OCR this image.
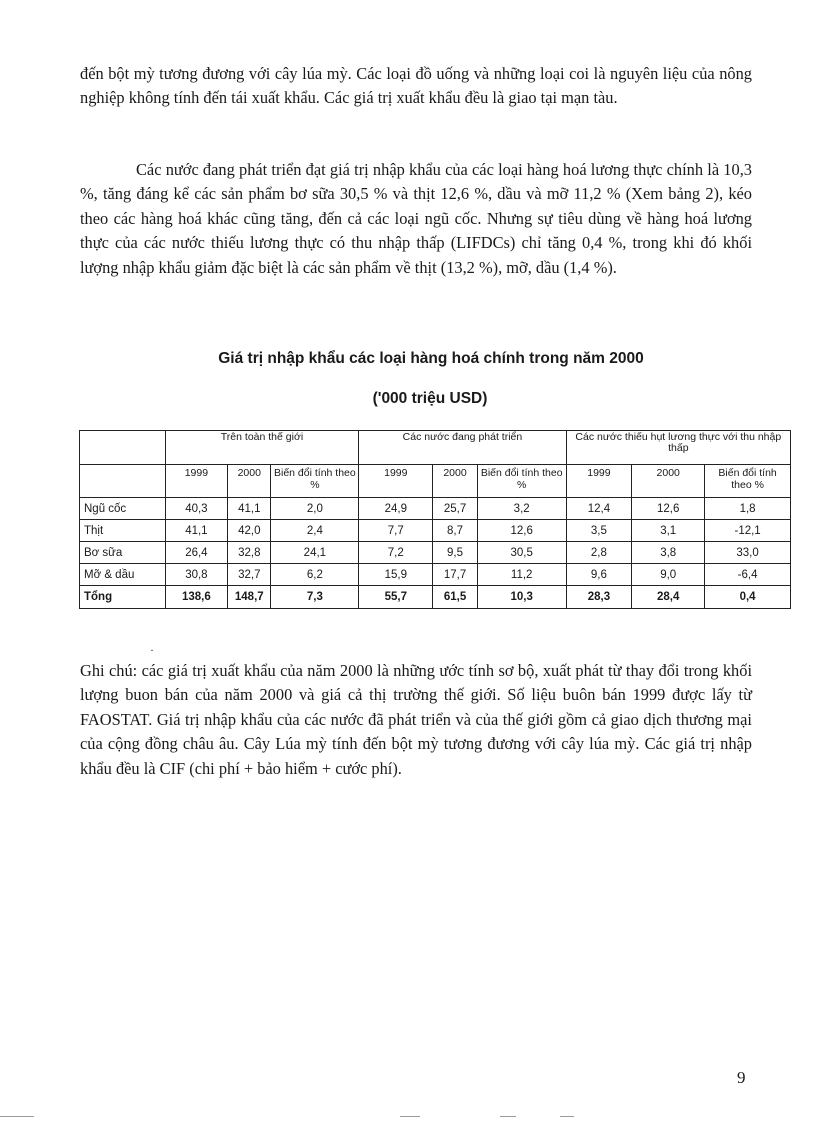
đến bột mỳ tương đương với cây lúa mỳ. Các loại đồ uống và những loại coi là nguyên liệu của nông nghiệp không tính đến tái xuất khẩu. Các giá trị xuất khẩu đều là giao tại mạn tàu.

Các nước đang phát triển đạt giá trị nhập khẩu của các loại hàng hoá lương thực chính là 10,3 %, tăng đáng kể các sản phẩm bơ sữa 30,5 % và thịt 12,6 %, dầu và mỡ 11,2 % (Xem bảng 2), kéo theo các hàng hoá khác cũng tăng, đến cả các loại ngũ cốc. Nhưng sự tiêu dùng về hàng hoá lương thực của các nước thiếu lương thực có thu nhập thấp (LIFDCs) chỉ tăng 0,4 %, trong khi đó khối lượng nhập khẩu giảm đặc biệt là các sản phẩm về thịt (13,2 %), mỡ, dầu (1,4 %).

Giá trị nhập khẩu các loại hàng hoá chính trong năm 2000
('000 triệu USD)
	Trên toàn thế giới			Các nước đang phát triển			Các nước thiếu hụt lương thực với thu nhập thấp		
	1999	2000	Biến đổi tính theo %	1999	2000	Biến đổi tính theo %	1999	2000	Biến đổi tính theo %
Ngũ cốc	40,3	41,1	2,0	24,9	25,7	3,2	12,4	12,6	1,8
Thịt	41,1	42,0	2,4	7,7	8,7	12,6	3,5	3,1	-12,1
Bơ sữa	26,4	32,8	24,1	7,2	9,5	30,5	2,8	3,8	33,0
Mỡ & dầu	30,8	32,7	6,2	15,9	17,7	11,2	9,6	9,0	-6,4
Tổng	138,6	148,7	7,3	55,7	61,5	10,3	28,3	28,4	0,4
·

Ghi chú: các giá trị xuất khẩu của năm 2000 là những ước tính sơ bộ, xuất phát từ thay đổi trong khối lượng buon bán của năm 2000 và giá cả thị trường thế giới. Số liệu buôn bán 1999 được lấy từ FAOSTAT. Giá trị nhập khẩu của các nước đã phát triển và của thế giới gồm cả giao dịch thương mại của cộng đồng châu âu. Cây Lúa mỳ tính đến bột mỳ tương đương với cây lúa mỳ. Các giá trị nhập khẩu đều là CIF (chi phí + bảo hiểm + cước phí).

9
